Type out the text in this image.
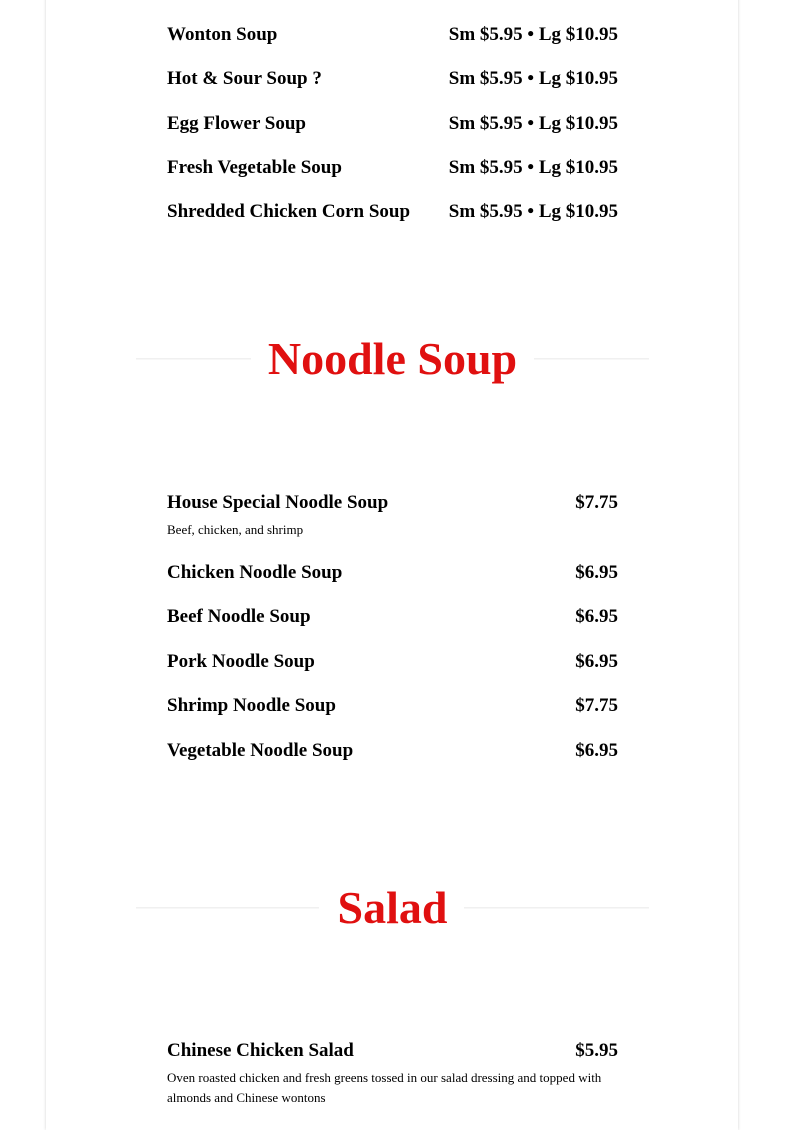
Wonton Soup	Sm $5.95 • Lg $10.95
Hot & Sour Soup ?	Sm $5.95 • Lg $10.95
Egg Flower Soup	Sm $5.95 • Lg $10.95
Fresh Vegetable Soup	Sm $5.95 • Lg $10.95
Shredded Chicken Corn Soup Sm $5.95 • Lg $10.95
Noodle Soup
House Special Noodle Soup	$7.75
Beef, chicken, and shrimp
Chicken Noodle Soup	$6.95
Beef Noodle Soup	$6.95
Pork Noodle Soup	$6.95
Shrimp Noodle Soup	$7.75
Vegetable Noodle Soup	$6.95
Salad
Chinese Chicken Salad	$5.95
Oven roasted chicken and fresh greens tossed in our salad dressing and topped with almonds and Chinese wontons
